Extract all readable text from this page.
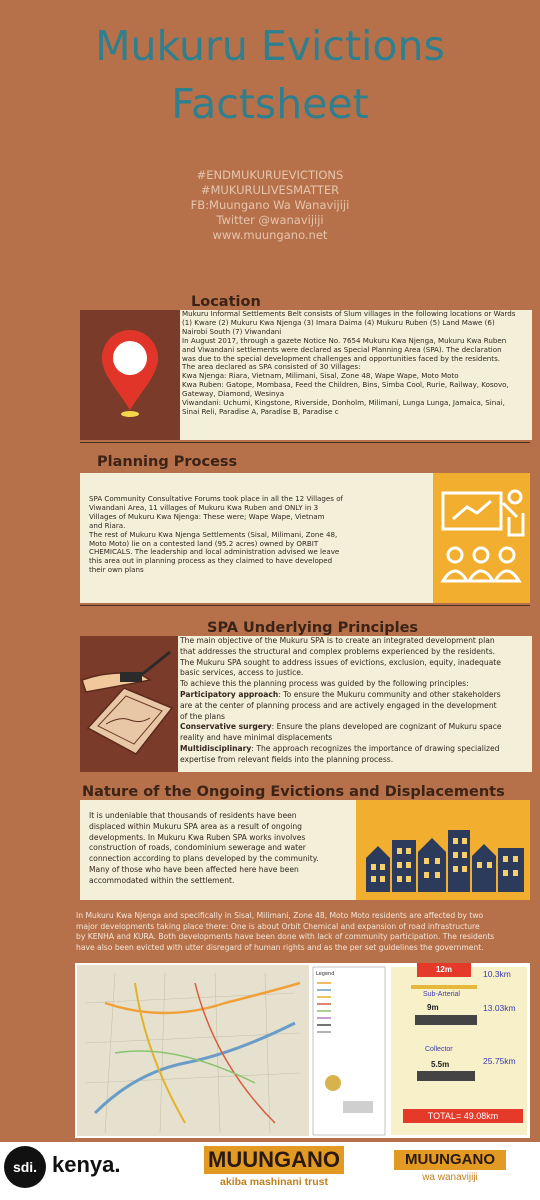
Mukuru Evictions
Factsheet
#ENDMUKURUEVICTIONS
#MUKURULIVESMATTER
FB:Muungano Wa Wanavijiji
Twitter @wanavijiji
www.muungano.net
Location

Mukuru Informal Settlements Belt consists of Slum villages in the following locations or Wards

(1) Kware (2) Mukuru Kwa Njenga (3) Imara Daima (4) Mukuru Ruben (5) Land Mawe (6)

Nairobi South (7) Viwandani

In August 2017, through a gazete Notice No. 7654 Mukuru Kwa Njenga, Mukuru Kwa Ruben

and Viwandani settlements were declared as Special Planning Area (SPA). The declaration

was due to the special development challenges and opportunities faced by the residents.

The area declared as SPA consisted of 30 Villages:

Kwa Njenga: Riara, Vietnam, Milimani, Sisal, Zone 48, Wape Wape, Moto Moto

Kwa Ruben: Gatope, Mombasa, Feed the Children, Bins, Simba Cool, Rurie, Railway, Kosovo,

Gateway, Diamond, Wesinya

Viwandani: Uchumi, Kingstone, Riverside, Donholm, Milimani, Lunga Lunga, Jamaica, Sinai,

Sinai Reli, Paradise A, Paradise B, Paradise c

Planning Process

SPA Community Consultative Forums took place in all the 12 Villages of

Viwandani Area, 11 villages of Mukuru Kwa Ruben and ONLY in 3

Villages of Mukuru Kwa Njenga: These were; Wape Wape, Vietnam

and Riara.

The rest of Mukuru Kwa Njenga Settlements (Sisal, Milimani, Zone 48,

Moto Moto) lie on a contested land (95.2 acres) owned by ORBIT

CHEMICALS. The leadership and local administration advised we leave

this area out in planning process as they claimed to have developed

their own plans

SPA Underlying Principles

The main objective of the Mukuru SPA is to create an integrated development plan

that addresses the structural and complex problems experienced by the residents.

The Mukuru SPA sought to address issues of evictions, exclusion, equity, inadequate

basic services, access to justice.

To achieve this the planning process was guided by the following principles:

Participatory approach: To ensure the Mukuru community and other stakeholders

are at the center of planning process and are actively engaged in the development

of the plans

Conservative surgery: Ensure the plans developed are cognizant of Mukuru space

reality and have minimal displacements

Multidisciplinary: The approach recognizes the importance of drawing specialized

expertise from relevant fields into the planning process.

Nature of the Ongoing Evictions and Displacements

It is undeniable that thousands of residents have been

displaced within Mukuru SPA area as a result of ongoing

developments. In Mukuru Kwa Ruben SPA works involves

construction of roads, condominium sewerage and water

connection according to plans developed by the community.

Many of those who have been affected here have been

accommodated within the settlement.

In Mukuru Kwa Njenga and specifically in Sisal, Milimani, Zone 48, Moto Moto residents are affected by two

major developments taking place there: One is about Orbit Chemical and expansion of road infrastructure

by KENHA and KURA. Both developments have been done with lack of community participation. The residents

have also been evicted with utter disregard of human rights and as the per set guidelines the government.

Legend	12m	10.3km
Sub-Arterial
9m	13.03km
Collector
5.5m	25.75km
TOTAL= 49.08km
sdi. kenya.	MUUNGANO
akiba mashinani trust
MUUNGANO
wa wanavijiji
